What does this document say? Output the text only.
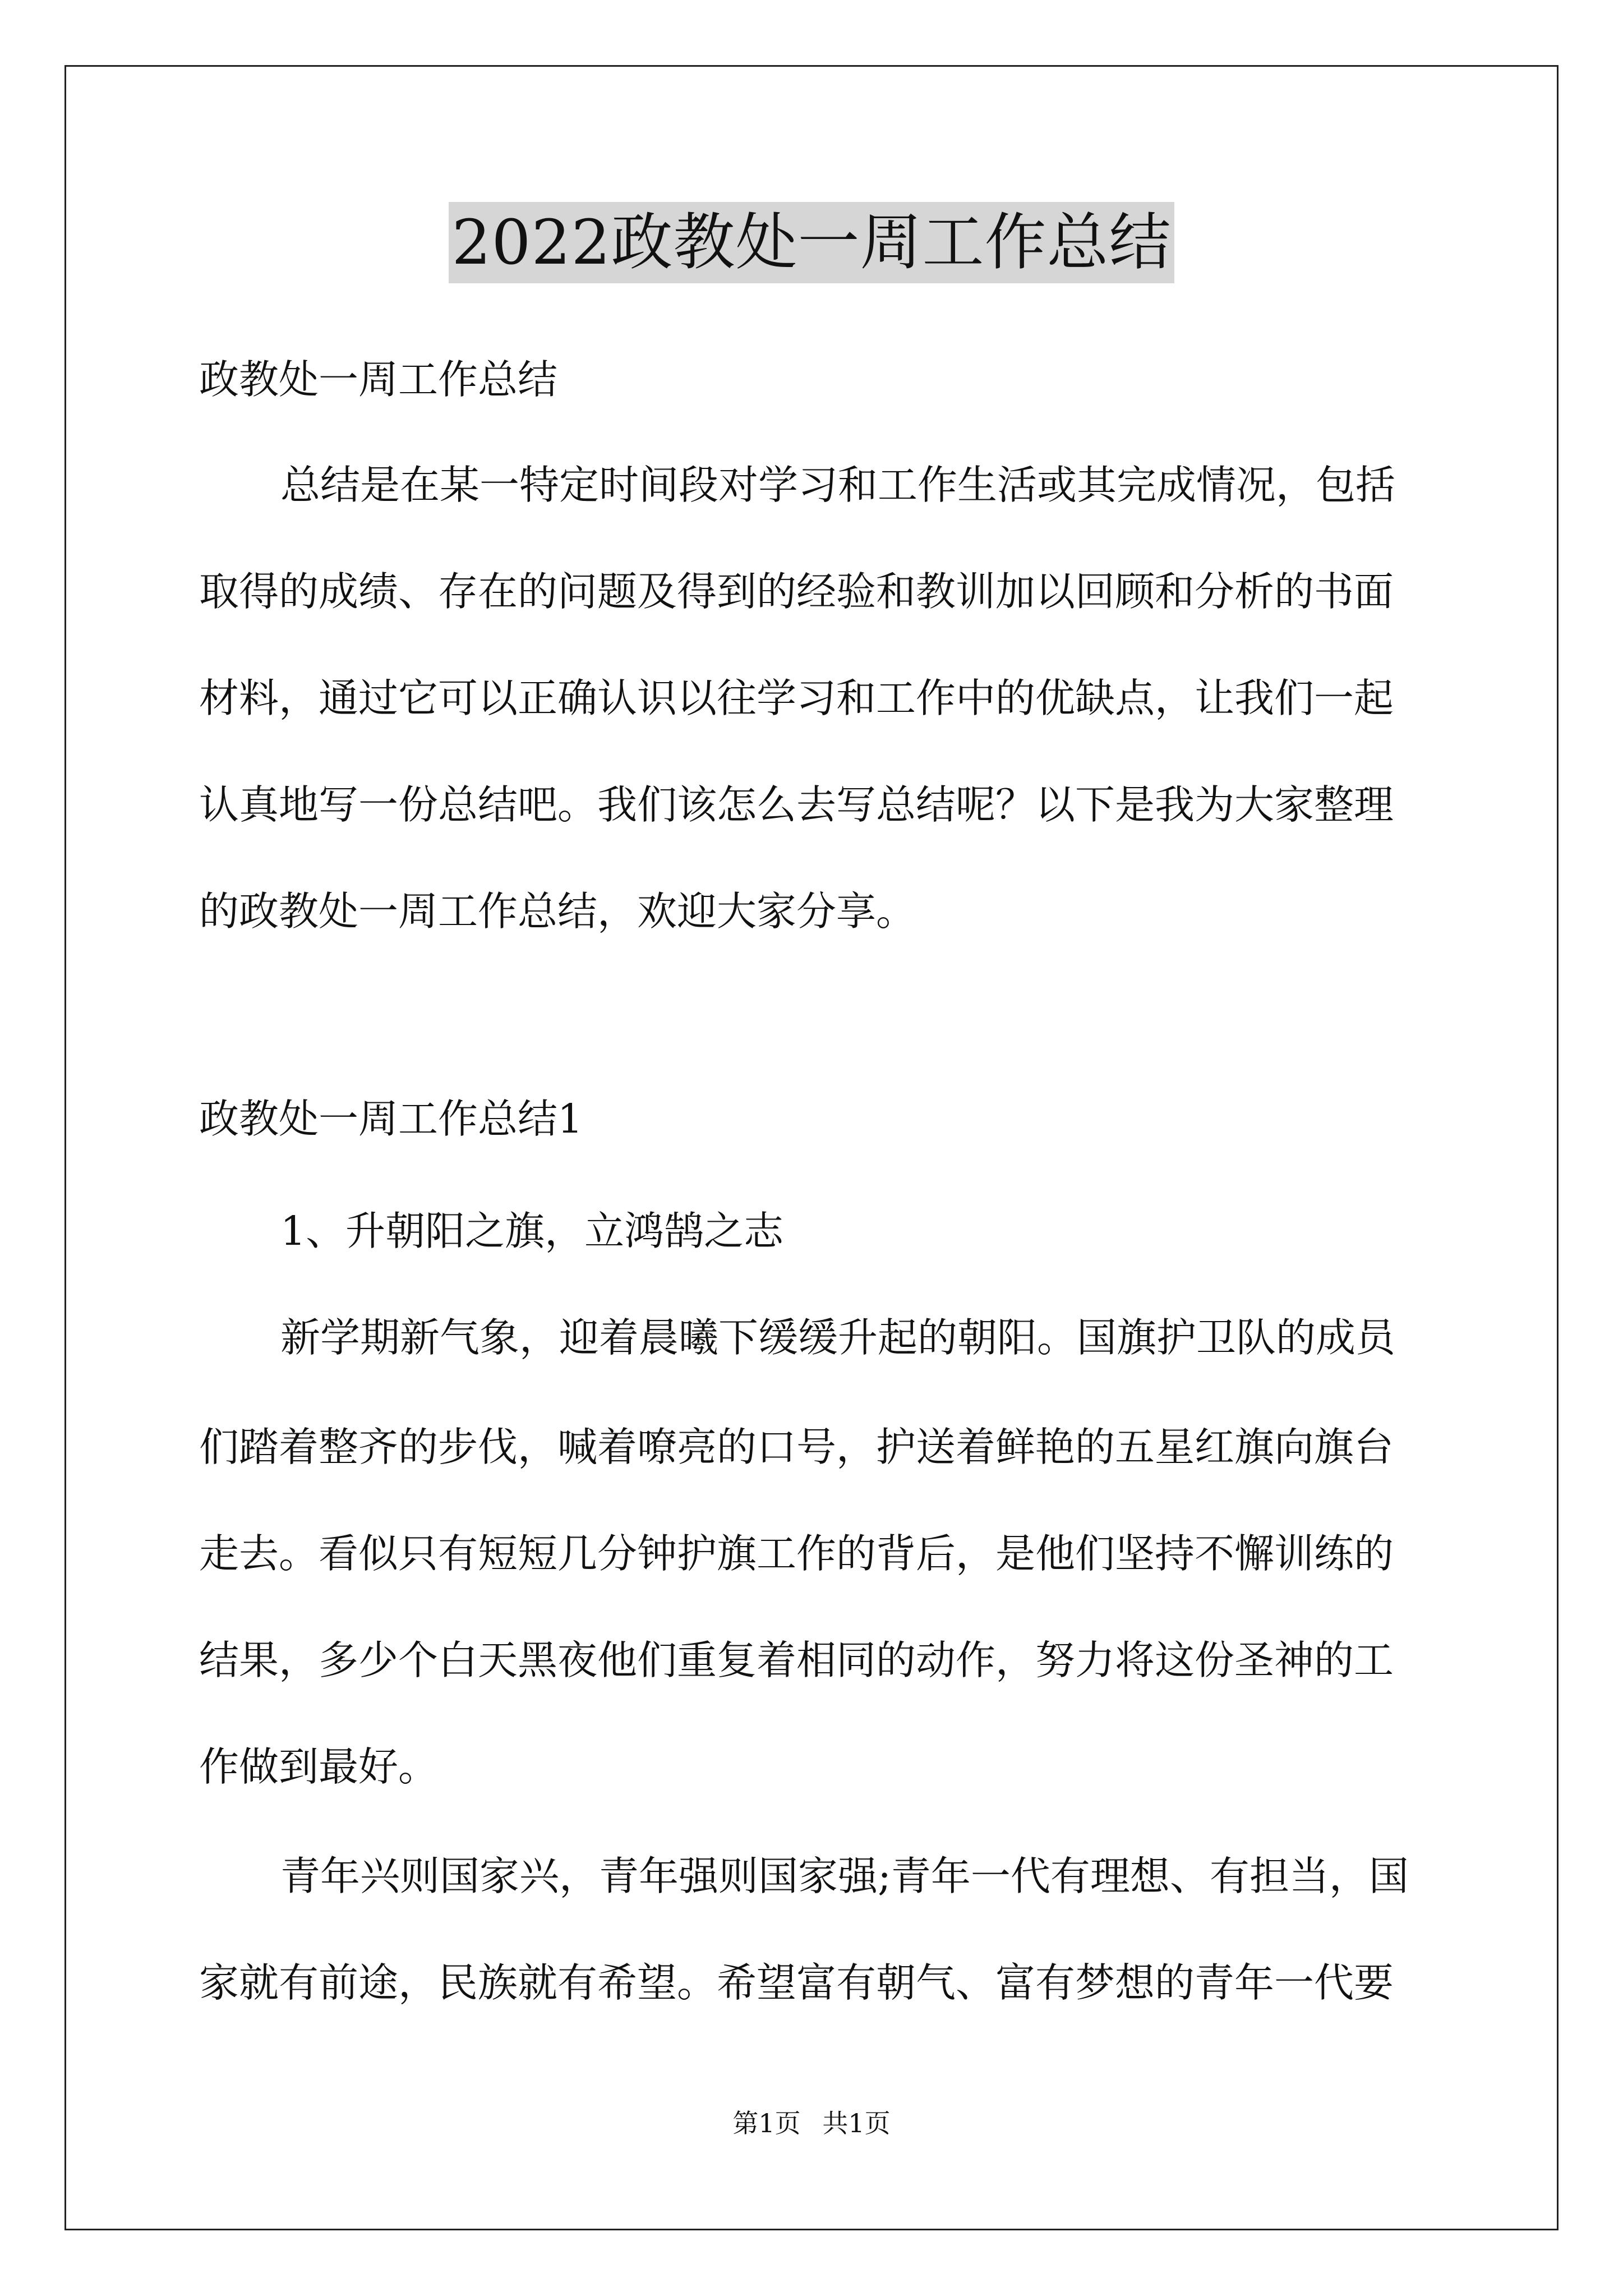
2022政教处一周工作总结
政教处一周工作总结
总结是在某一特定时间段对学习和工作生活或其完成情况，包括
取得的成绩、存在的问题及得到的经验和教训加以回顾和分析的书面
材料，通过它可以正确认识以往学习和工作中的优缺点，让我们一起
认真地写一份总结吧。我们该怎么去写总结呢？以下是我为大家整理
的政教处一周工作总结，欢迎大家分享。
政教处一周工作总结1
1、升朝阳之旗，立鸿鹄之志
新学期新气象，迎着晨曦下缓缓升起的朝阳。国旗护卫队的成员
们踏着整齐的步伐，喊着嘹亮的口号，护送着鲜艳的五星红旗向旗台
走去。看似只有短短几分钟护旗工作的背后，是他们坚持不懈训练的
结果，多少个白天黑夜他们重复着相同的动作，努力将这份圣神的工
作做到最好。
青年兴则国家兴，青年强则国家强;青年一代有理想、有担当，国
家就有前途，民族就有希望。希望富有朝气、富有梦想的青年一代要
第1页 共1页
